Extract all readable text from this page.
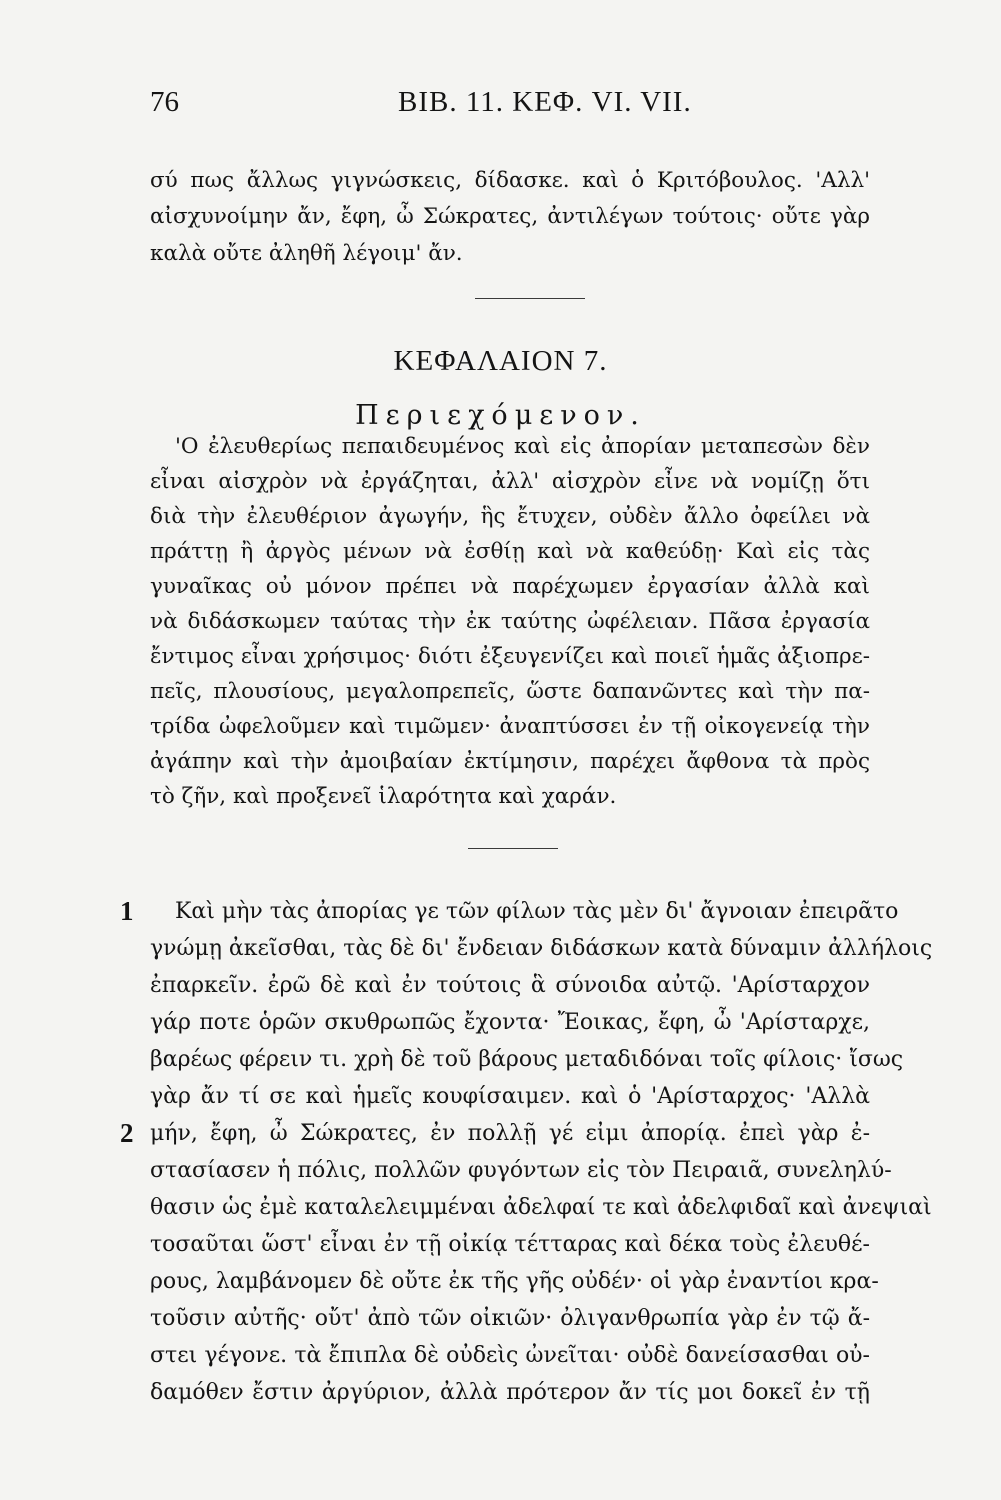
76	BIB. 11. ΚΕΦ. VI. VII.
σύ πως ἄλλως γιγνώσκεις, δίδασκε. καὶ ὁ Κριτόβουλος. 'Αλλ'
αἰσχυνοίμην ἄν, ἔφη, ὦ Σώκρατες, ἀντιλέγων τούτοις· οὔτε γὰρ
καλὰ οὔτε ἀληθῆ λέγοιμ' ἄν.
ΚΕΦΑΛΑΙΟΝ 7.
Περιεχόμενον.
'Ο ἐλευθερίως πεπαιδευμένος καὶ εἰς ἀπορίαν μεταπεσὼν δὲν
εἶναι αἰσχρὸν νὰ ἐργάζηται, ἀλλ' αἰσχρὸν εἶνε νὰ νομίζῃ ὅτι
διὰ τὴν ἐλευθέριον ἀγωγήν, ἣς ἔτυχεν, οὐδὲν ἄλλο ὀφείλει νὰ
πράττῃ ἢ ἀργὸς μένων νὰ ἐσθίῃ καὶ νὰ καθεύδῃ· Καὶ εἰς τὰς
γυναῖκας οὐ μόνον πρέπει νὰ παρέχωμεν ἐργασίαν ἀλλὰ καὶ
νὰ διδάσκωμεν ταύτας τὴν ἐκ ταύτης ὠφέλειαν. Πᾶσα ἐργασία
ἔντιμος εἶναι χρήσιμος· διότι ἐξευγενίζει καὶ ποιεῖ ἡμᾶς ἀξιοπρε-
πεῖς, πλουσίους, μεγαλοπρεπεῖς, ὥστε δαπανῶντες καὶ τὴν πα-
τρίδα ὠφελοῦμεν καὶ τιμῶμεν· ἀναπτύσσει ἐν τῇ οἰκογενείᾳ τὴν
ἀγάπην καὶ τὴν ἀμοιβαίαν ἐκτίμησιν, παρέχει ἄφθονα τὰ πρὸς
τὸ ζῆν, καὶ προξενεῖ ἱλαρότητα καὶ χαράν.
1
2
Καὶ μὴν τὰς ἀπορίας γε τῶν φίλων τὰς μὲν δι' ἄγνοιαν ἐπειρᾶτο
γνώμῃ ἀκεῖσθαι, τὰς δὲ δι' ἔνδειαν διδάσκων κατὰ δύναμιν ἀλλήλοις
ἐπαρκεῖν. ἐρῶ δὲ καὶ ἐν τούτοις ἃ σύνοιδα αὐτῷ. 'Αρίσταρχον
γάρ ποτε ὁρῶν σκυθρωπῶς ἔχοντα· Ἔοικας, ἔφη, ὦ 'Αρίσταρχε,
βαρέως φέρειν τι. χρὴ δὲ τοῦ βάρους μεταδιδόναι τοῖς φίλοις· ἴσως
γὰρ ἄν τί σε καὶ ἡμεῖς κουφίσαιμεν. καὶ ὁ 'Αρίσταρχος· 'Αλλὰ
μήν, ἔφη, ὦ Σώκρατες, ἐν πολλῇ γέ εἰμι ἀπορίᾳ. ἐπεὶ γὰρ ἐ-
στασίασεν ἡ πόλις, πολλῶν φυγόντων εἰς τὸν Πειραιᾶ, συνεληλύ-
θασιν ὡς ἐμὲ καταλελειμμέναι ἀδελφαί τε καὶ ἀδελφιδαῖ καὶ ἀνεψιαὶ
τοσαῦται ὥστ' εἶναι ἐν τῇ οἰκίᾳ τέτταρας καὶ δέκα τοὺς ἐλευθέ-
ρους, λαμβάνομεν δὲ οὔτε ἐκ τῆς γῆς οὐδέν· οἱ γὰρ ἐναντίοι κρα-
τοῦσιν αὐτῆς· οὔτ' ἀπὸ τῶν οἰκιῶν· ὀλιγανθρωπία γὰρ ἐν τῷ ἄ-
στει γέγονε. τὰ ἔπιπλα δὲ οὐδεὶς ὠνεῖται· οὐδὲ δανείσασθαι οὐ-
δαμόθεν ἔστιν ἀργύριον, ἀλλὰ πρότερον ἄν τίς μοι δοκεῖ ἐν τῇ
